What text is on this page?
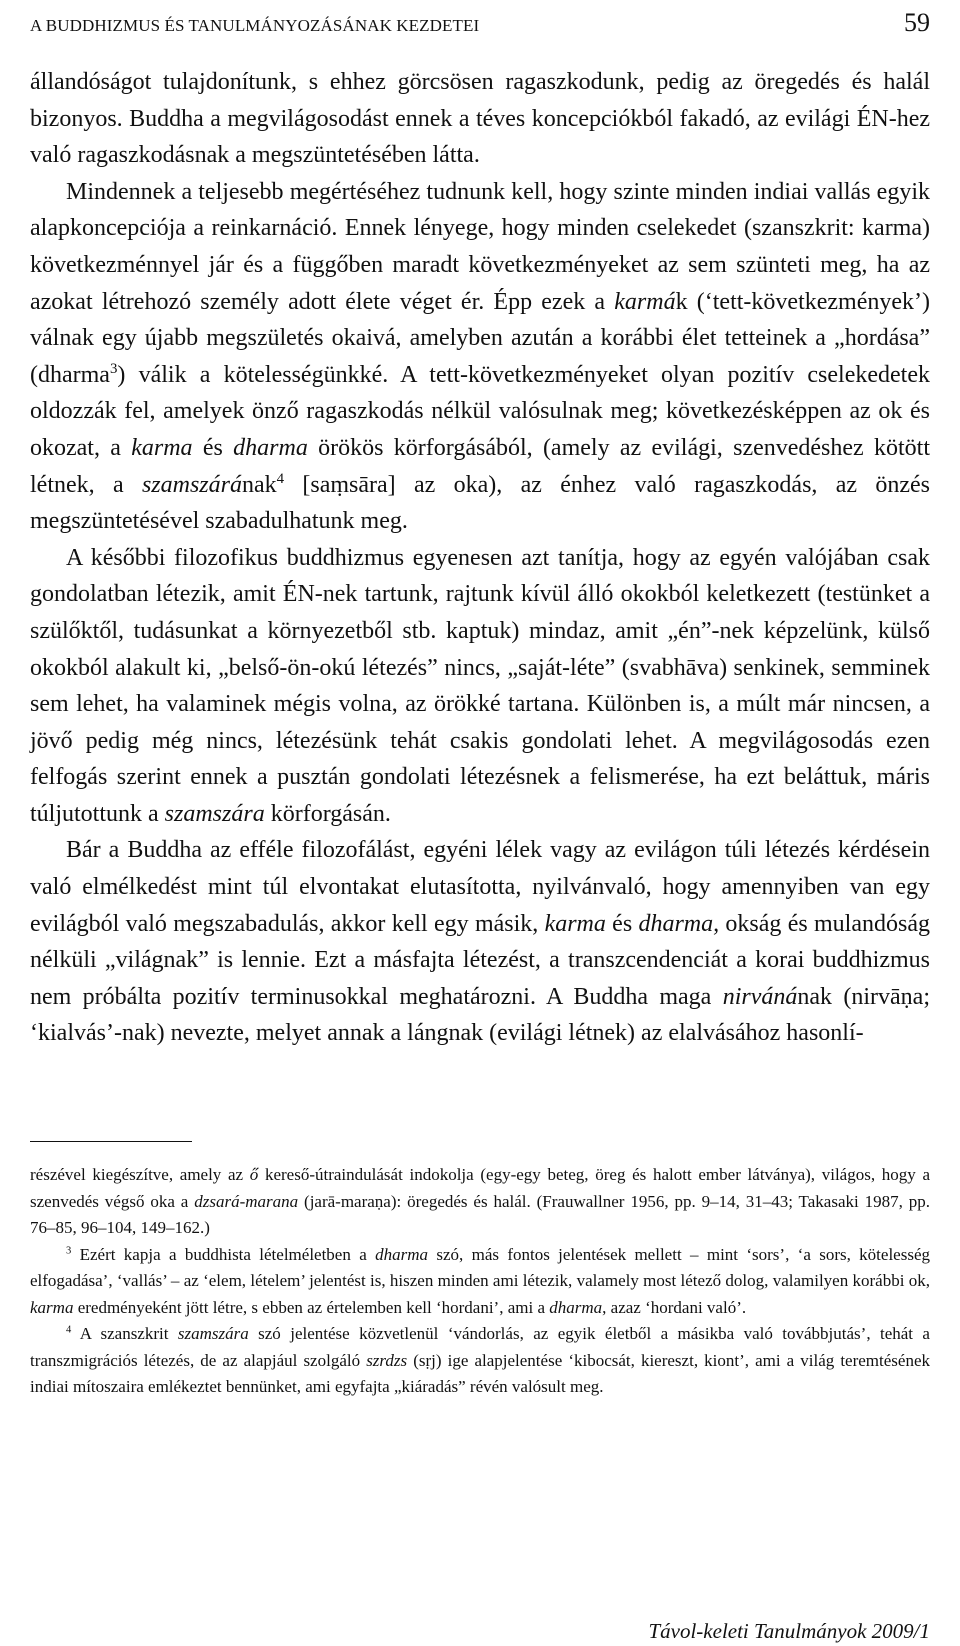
A BUDDHIZMUS ÉS TANULMÁNYOZÁSÁNAK KEZDETEI	59

állandóságot tulajdonítunk, s ehhez görcsösen ragaszkodunk, pedig az öregedés és halál bizonyos. Buddha a megvilágosodást ennek a téves koncepciókból fakadó, az evilági ÉN-hez való ragaszkodásnak a megszüntetésében látta.

Mindennek a teljesebb megértéséhez tudnunk kell, hogy szinte minden indiai vallás egyik alapkoncepciója a reinkarnáció. Ennek lényege, hogy minden cselekedet (szanszkrit: karma) következménnyel jár és a függőben maradt következményeket az sem szünteti meg, ha az azokat létrehozó személy adott élete véget ér. Épp ezek a karmák (‘tett-következmények’) válnak egy újabb megszületés okaivá, amelyben azután a korábbi élet tetteinek a „hordása” (dharma$^3$) válik a kötelességünkké. A tett-következményeket olyan pozitív cselekedetek oldozzák fel, amelyek önző ragaszkodás nélkül valósulnak meg; következésképpen az ok és okozat, a karma és dharma örökös körforgásából, (amely az evilági, szenvedéshez kötött létnek, a szamszárának$^4$ [saṃsāra] az oka), az énhez való ragaszkodás, az önzés megszüntetésével szabadulhatunk meg.

A későbbi filozofikus buddhizmus egyenesen azt tanítja, hogy az egyén valójában csak gondolatban létezik, amit ÉN-nek tartunk, rajtunk kívül álló okokból keletkezett (testünket a szülőktől, tudásunkat a környezetből stb. kaptuk) mindaz, amit „én”-nek képzelünk, külső okokból alakult ki, „belső-ön-okú létezés” nincs, „saját-léte” (svabhāva) senkinek, semminek sem lehet, ha valaminek mégis volna, az örökké tartana. Különben is, a múlt már nincsen, a jövő pedig még nincs, létezésünk tehát csakis gondolati lehet. A megvilágosodás ezen felfogás szerint ennek a pusztán gondolati létezésnek a felismerése, ha ezt beláttuk, máris túljutottunk a szamszára körforgásán.

Bár a Buddha az efféle filozofálást, egyéni lélek vagy az evilágon túli létezés kérdésein való elmélkedést mint túl elvontakat elutasította, nyilvánvaló, hogy amennyiben van egy evilágból való megszabadulás, akkor kell egy másik, karma és dharma, okság és mulandóság nélküli „világnak” is lennie. Ezt a másfajta létezést, a transzcendenciát a korai buddhizmus nem próbálta pozitív terminusokkal meghatározni. A Buddha maga nirvánának (nirvāṇa; ‘kialvás’-nak) nevezte, melyet annak a lángnak (evilági létnek) az elalvásához hasonlí-

részével kiegészítve, amely az ő kereső-útraindulását indokolja (egy-egy beteg, öreg és halott ember látványa), világos, hogy a szenvedés végső oka a dzsará-marana (jarā-maraṇa): öregedés és halál. (Frauwallner 1956, pp. 9–14, 31–43; Takasaki 1987, pp. 76–85, 96–104, 149–162.)

$^3$ Ezért kapja a buddhista lételméletben a dharma szó, más fontos jelentések mellett – mint ‘sors’, ‘a sors, kötelesség elfogadása’, ‘vallás’ – az ‘elem, lételem’ jelentést is, hiszen minden ami létezik, valamely most létező dolog, valamilyen korábbi ok, karma eredményeként jött létre, s ebben az értelemben kell ‘hordani’, ami a dharma, azaz ‘hordani való’.

$^4$ A szanszkrit szamszára szó jelentése közvetlenül ‘vándorlás, az egyik életből a másikba való továbbjutás’, tehát a transzmigrációs létezés, de az alapjául szolgáló szrdzs (sṛj) ige alapjelentése ‘kibocsát, kiereszt, kiont’, ami a világ teremtésének indiai mítoszaira emlékeztet bennünket, ami egyfajta „kiáradás” révén valósult meg.

Távol-keleti Tanulmányok 2009/1
